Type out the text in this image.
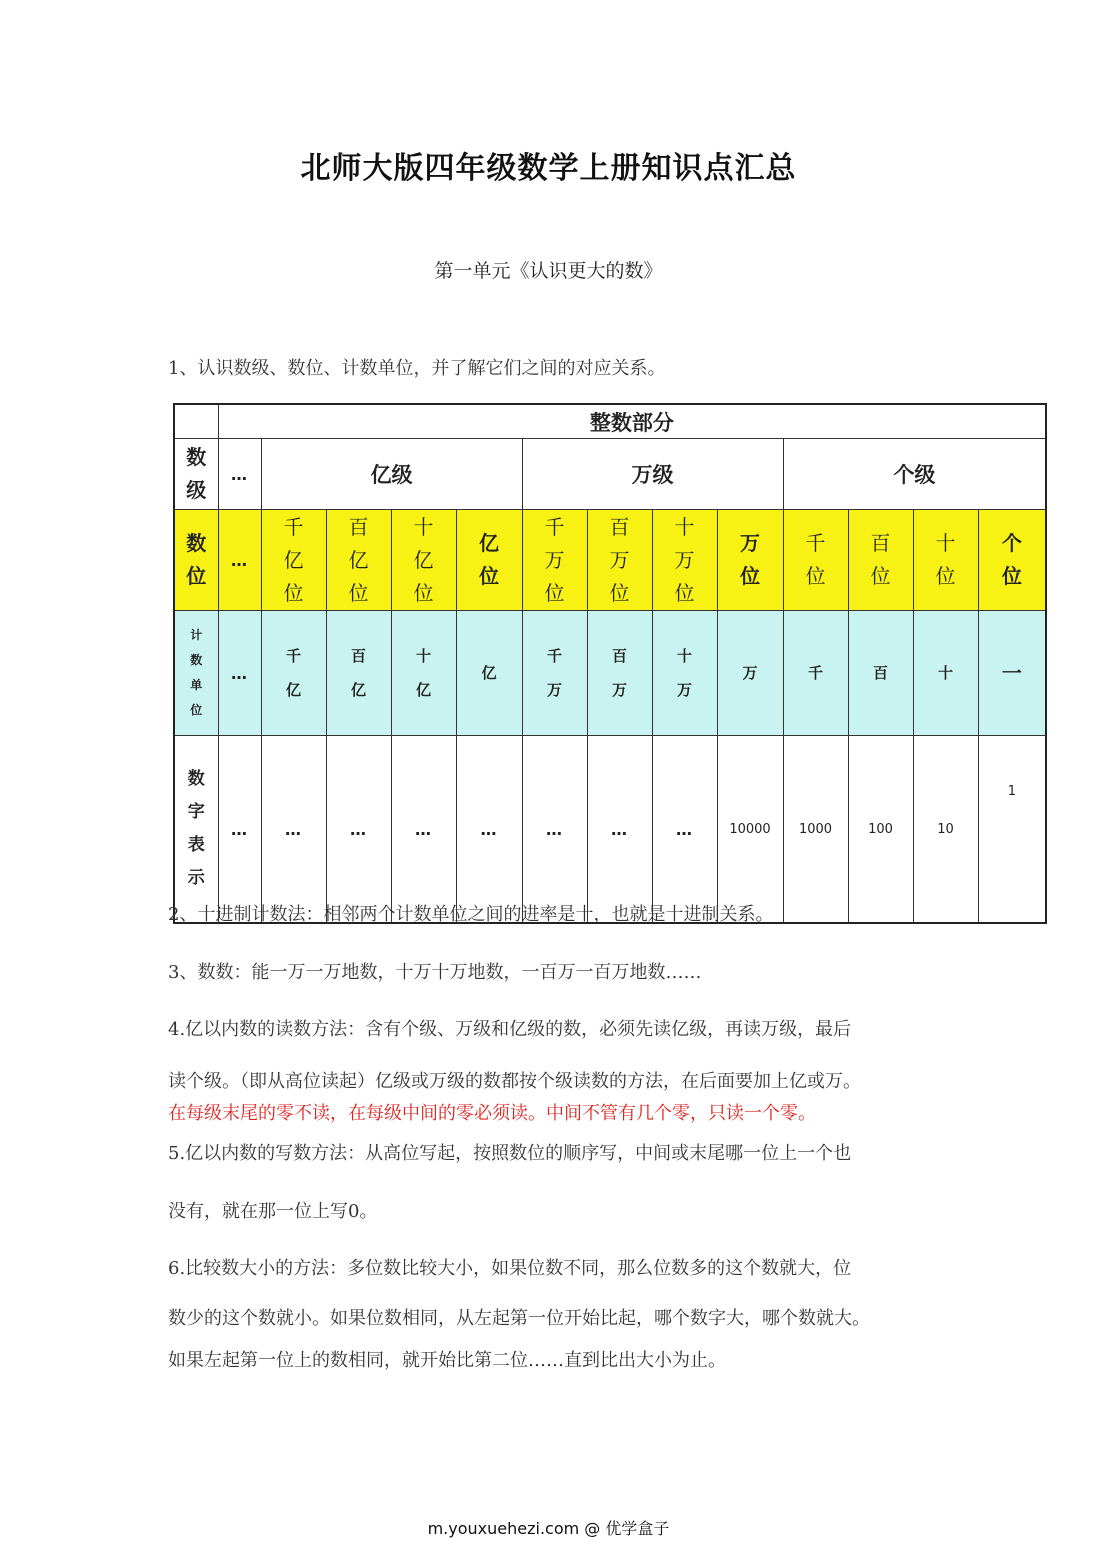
北师大版四年级数学上册知识点汇总
第一单元《认识更大的数》
1、认识数级、数位、计数单位，并了解它们之间的对应关系。
	整数部分												
数级	…	亿级				万级				个级			
数位	…	千亿位	百亿位	十亿位	亿位	千万位	百万位	十万位	万位	千位	百位	十位	个位
计数单位	…	千亿	百亿	十亿	亿	千万	百万	十万	万	千	百	十	一
数字表示	…	…	…	…	…	…	…	…	10000	1000	100	10	1
2、十进制计数法：相邻两个计数单位之间的进率是十，也就是十进制关系。
3、数数：能一万一万地数，十万十万地数，一百万一百万地数……
4.亿以内数的读数方法：含有个级、万级和亿级的数，必须先读亿级，再读万级，最后
读个级。（即从高位读起）亿级或万级的数都按个级读数的方法，在后面要加上亿或万。
在每级末尾的零不读，在每级中间的零必须读。中间不管有几个零，只读一个零。
5.亿以内数的写数方法：从高位写起，按照数位的顺序写，中间或末尾哪一位上一个也
没有，就在那一位上写0。
6.比较数大小的方法：多位数比较大小，如果位数不同，那么位数多的这个数就大，位
数少的这个数就小。如果位数相同，从左起第一位开始比起，哪个数字大，哪个数就大。
如果左起第一位上的数相同，就开始比第二位……直到比出大小为止。
m.youxuehezi.com @ 优学盒子
